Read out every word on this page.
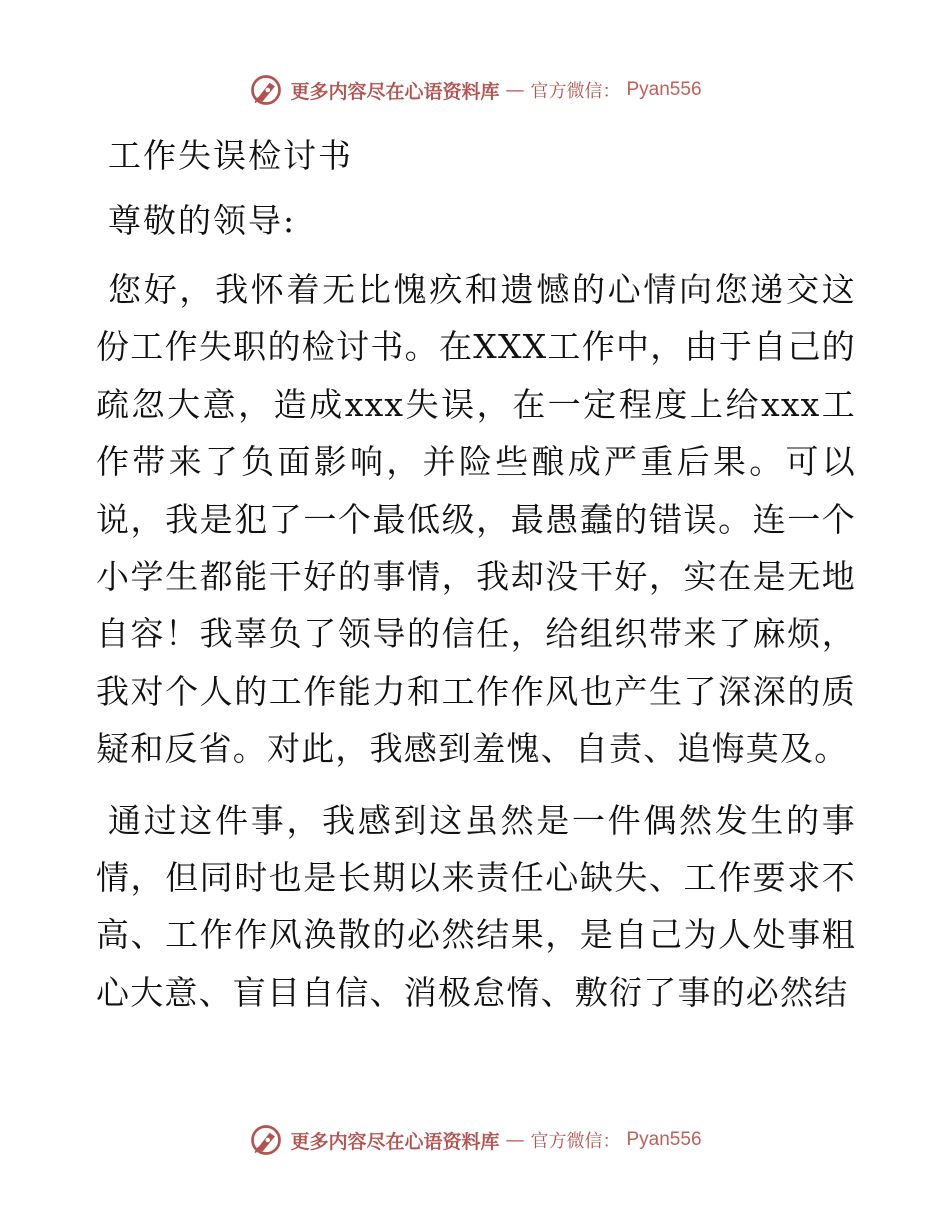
更多内容尽在心语资料库 — 官方微信： Pyan556
工作失误检讨书
尊敬的领导:

您好，我怀着无比愧疚和遗憾的心情向您递交这份工作失职的检讨书。在XXX工作中，由于自己的疏忽大意，造成xxx失误，在一定程度上给xxx工作带来了负面影响，并险些酿成严重后果。可以说，我是犯了一个最低级，最愚蠢的错误。连一个小学生都能干好的事情，我却没干好，实在是无地自容！我辜负了领导的信任，给组织带来了麻烦，我对个人的工作能力和工作作风也产生了深深的质疑和反省。对此，我感到羞愧、自责、追悔莫及。

通过这件事，我感到这虽然是一件偶然发生的事情，但同时也是长期以来责任心缺失、工作要求不高、工作作风涣散的必然结果，是自己为人处事粗心大意、盲目自信、消极怠惰、敷衍了事的必然结

更多内容尽在心语资料库 — 官方微信： Pyan556
